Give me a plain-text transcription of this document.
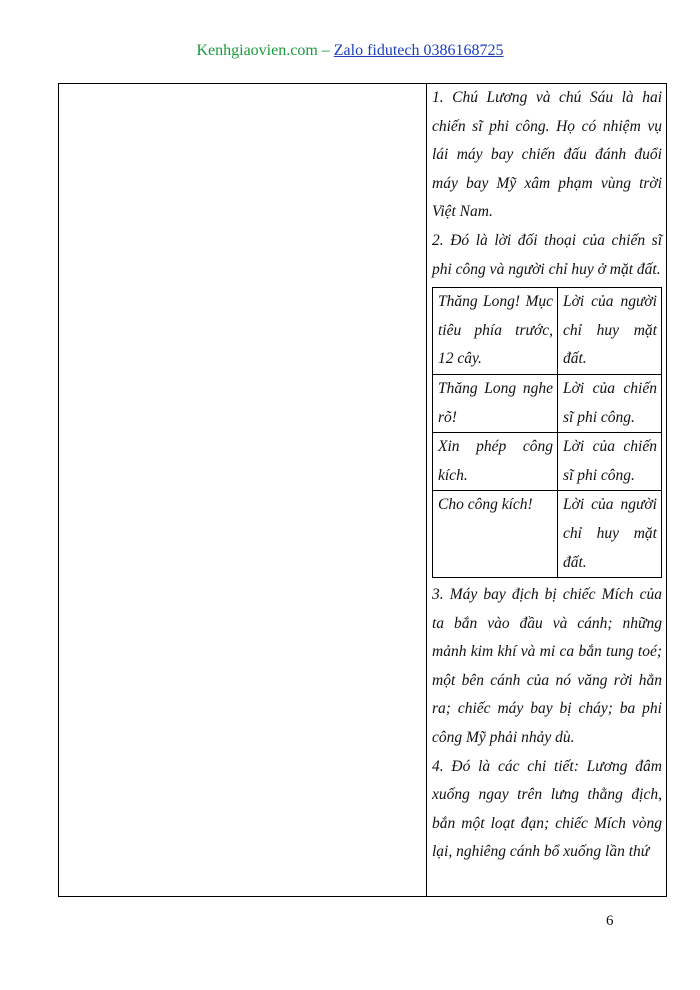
Kenhgiaovien.com – Zalo fidutech 0386168725

1. Chú Lương và chú Sáu là hai chiến sĩ phi công. Họ có nhiệm vụ lái máy bay chiến đấu đánh đuổi máy bay Mỹ xâm phạm vùng trời Việt Nam.

2. Đó là lời đối thoại của chiến sĩ phi công và người chỉ huy ở mặt đất.

Thăng Long! Mục tiêu phía trước, 12 cây.	Lời của người chỉ huy mặt đất.
Thăng Long nghe rõ!	Lời của chiến sĩ phi công.
Xin phép công kích.	Lời của chiến sĩ phi công.
Cho công kích!	Lời của người chỉ huy mặt đất.

3. Máy bay địch bị chiếc Mích của ta bắn vào đầu và cánh; những mảnh kim khí và mi ca bắn tung toé; một bên cánh của nó văng rời hẳn ra; chiếc máy bay bị cháy; ba phi công Mỹ phải nhảy dù.

4. Đó là các chi tiết: Lương đâm xuống ngay trên lưng thằng địch, bắn một loạt đạn; chiếc Mích vòng lại, nghiêng cánh bổ xuống lần thứ

6
